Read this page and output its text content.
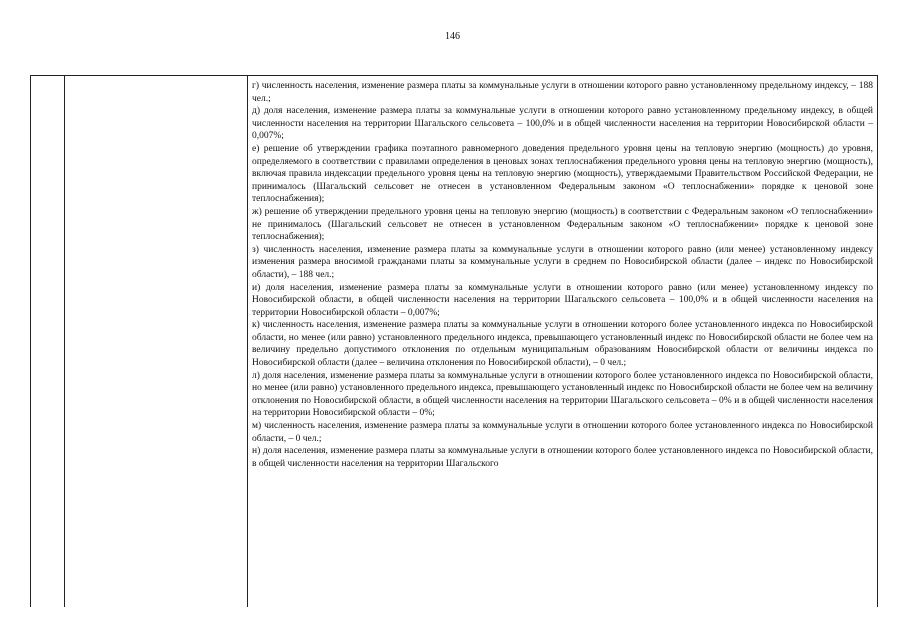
146

г) численность населения, изменение размера платы за коммунальные услуги в отношении которого равно установленному предельному индексу, – 188 чел.;

д) доля населения, изменение размера платы за коммунальные услуги в отношении которого равно установленному предельному индексу, в общей численности населения на территории Шагальского сельсовета – 100,0% и в общей численности населения на территории Новосибирской области – 0,007%;

е) решение об утверждении графика поэтапного равномерного доведения предельного уровня цены на тепловую энергию (мощность) до уровня, определяемого в соответствии с правилами определения в ценовых зонах теплоснабжения предельного уровня цены на тепловую энергию (мощность), включая правила индексации предельного уровня цены на тепловую энергию (мощность), утверждаемыми Правительством Российской Федерации, не принималось (Шагальский сельсовет не отнесен в установленном Федеральным законом «О теплоснабжении» порядке к ценовой зоне теплоснабжения);

ж) решение об утверждении предельного уровня цены на тепловую энергию (мощность) в соответствии с Федеральным законом «О теплоснабжении» не принималось (Шагальский сельсовет не отнесен в установленном Федеральным законом «О теплоснабжении» порядке к ценовой зоне теплоснабжения);

з) численность населения, изменение размера платы за коммунальные услуги в отношении которого равно (или менее) установленному индексу изменения размера вносимой гражданами платы за коммунальные услуги в среднем по Новосибирской области (далее – индекс по Новосибирской области), – 188 чел.;

и) доля населения, изменение размера платы за коммунальные услуги в отношении которого равно (или менее) установленному индексу по Новосибирской области, в общей численности населения на территории Шагальского сельсовета – 100,0% и в общей численности населения на территории Новосибирской области – 0,007%;

к) численность населения, изменение размера платы за коммунальные услуги в отношении которого более установленного индекса по Новосибирской области, но менее (или равно) установленного предельного индекса, превышающего установленный индекс по Новосибирской области не более чем на величину предельно допустимого отклонения по отдельным муниципальным образованиям Новосибирской области от величины индекса по Новосибирской области (далее – величина отклонения по Новосибирской области), – 0 чел.;

л) доля населения, изменение размера платы за коммунальные услуги в отношении которого более установленного индекса по Новосибирской области, но менее (или равно) установленного предельного индекса, превышающего установленный индекс по Новосибирской области не более чем на величину отклонения по Новосибирской области, в общей численности населения на территории Шагальского сельсовета – 0% и в общей численности населения на территории Новосибирской области – 0%;

м) численность населения, изменение размера платы за коммунальные услуги в отношении которого более установленного индекса по Новосибирской области, – 0 чел.;

н) доля населения, изменение размера платы за коммунальные услуги в отношении которого более установленного индекса по Новосибирской области, в общей численности населения на территории Шагальского
